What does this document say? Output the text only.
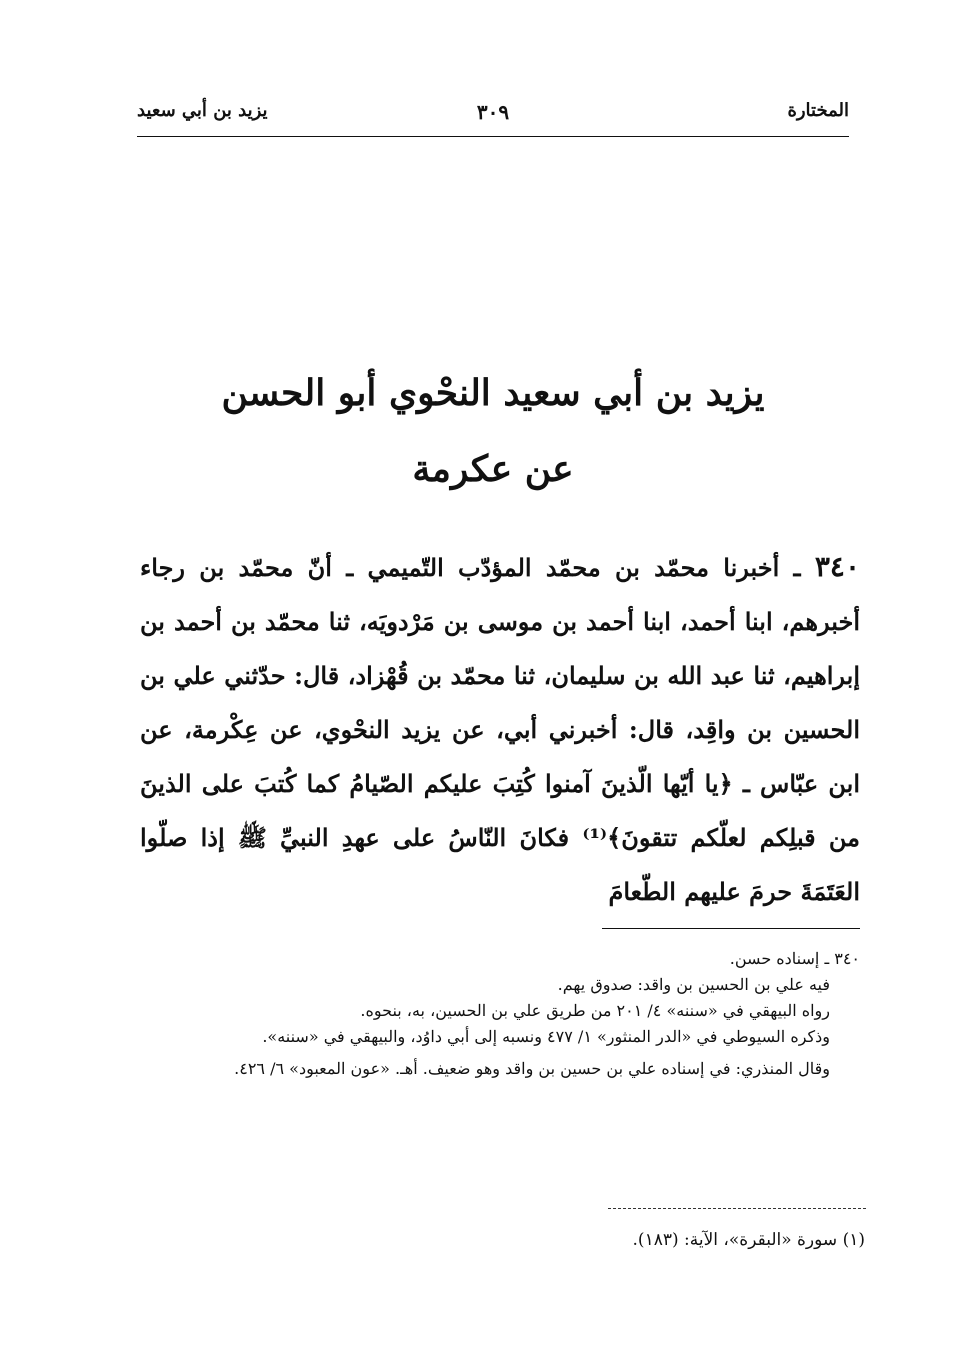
المختارة
٣٠٩
يزيد بن أبي سعيد
يزيد بن أبي سعيد النحْوي أبو الحسن
عن عكرمة
٣٤٠ ـ أخبرنا محمّد بن محمّد المؤدّب التّميمي ـ أنّ محمّد بن رجاء أخبرهم، ابنا أحمد، ابنا أحمد بن موسى بن مَرْدويَه، ثنا محمّد بن أحمد بن إبراهيم، ثنا عبد الله بن سليمان، ثنا محمّد بن قُهْزاد، قال: حدّثني علي بن الحسين بن واقِد، قال: أخبرني أبي، عن يزيد النحْوي، عن عِكْرمة، عن ابن عبّاس ـ ﴿يا أيّها الّذينَ آمنوا كُتِبَ عليكم الصّيامُ كما كُتبَ على الذينَ من قبلِكم لعلّكم تتقونَ﴾⁽¹⁾ فكانَ النّاسُ على عهدِ النبيِّ ﷺ إذا صلّوا العَتَمَةَ حرمَ عليهم الطّعامَ

٣٤٠ ـ إسناده حسن.

فيه علي بن الحسين بن واقد: صدوق يهم.

رواه البيهقي في «سننه» ٤/ ٢٠١ من طريق علي بن الحسين، به، بنحوه.

وذكره السيوطي في «الدر المنثور» ١/ ٤٧٧ ونسبه إلى أبي داوُد، والبيهقي في «سننه».

وقال المنذري: في إسناده علي بن حسين بن واقد وهو ضعيف. أهـ. «عون المعبود» ٦/ ٤٢٦.

(١) سورة «البقرة»، الآية: (١٨٣).
